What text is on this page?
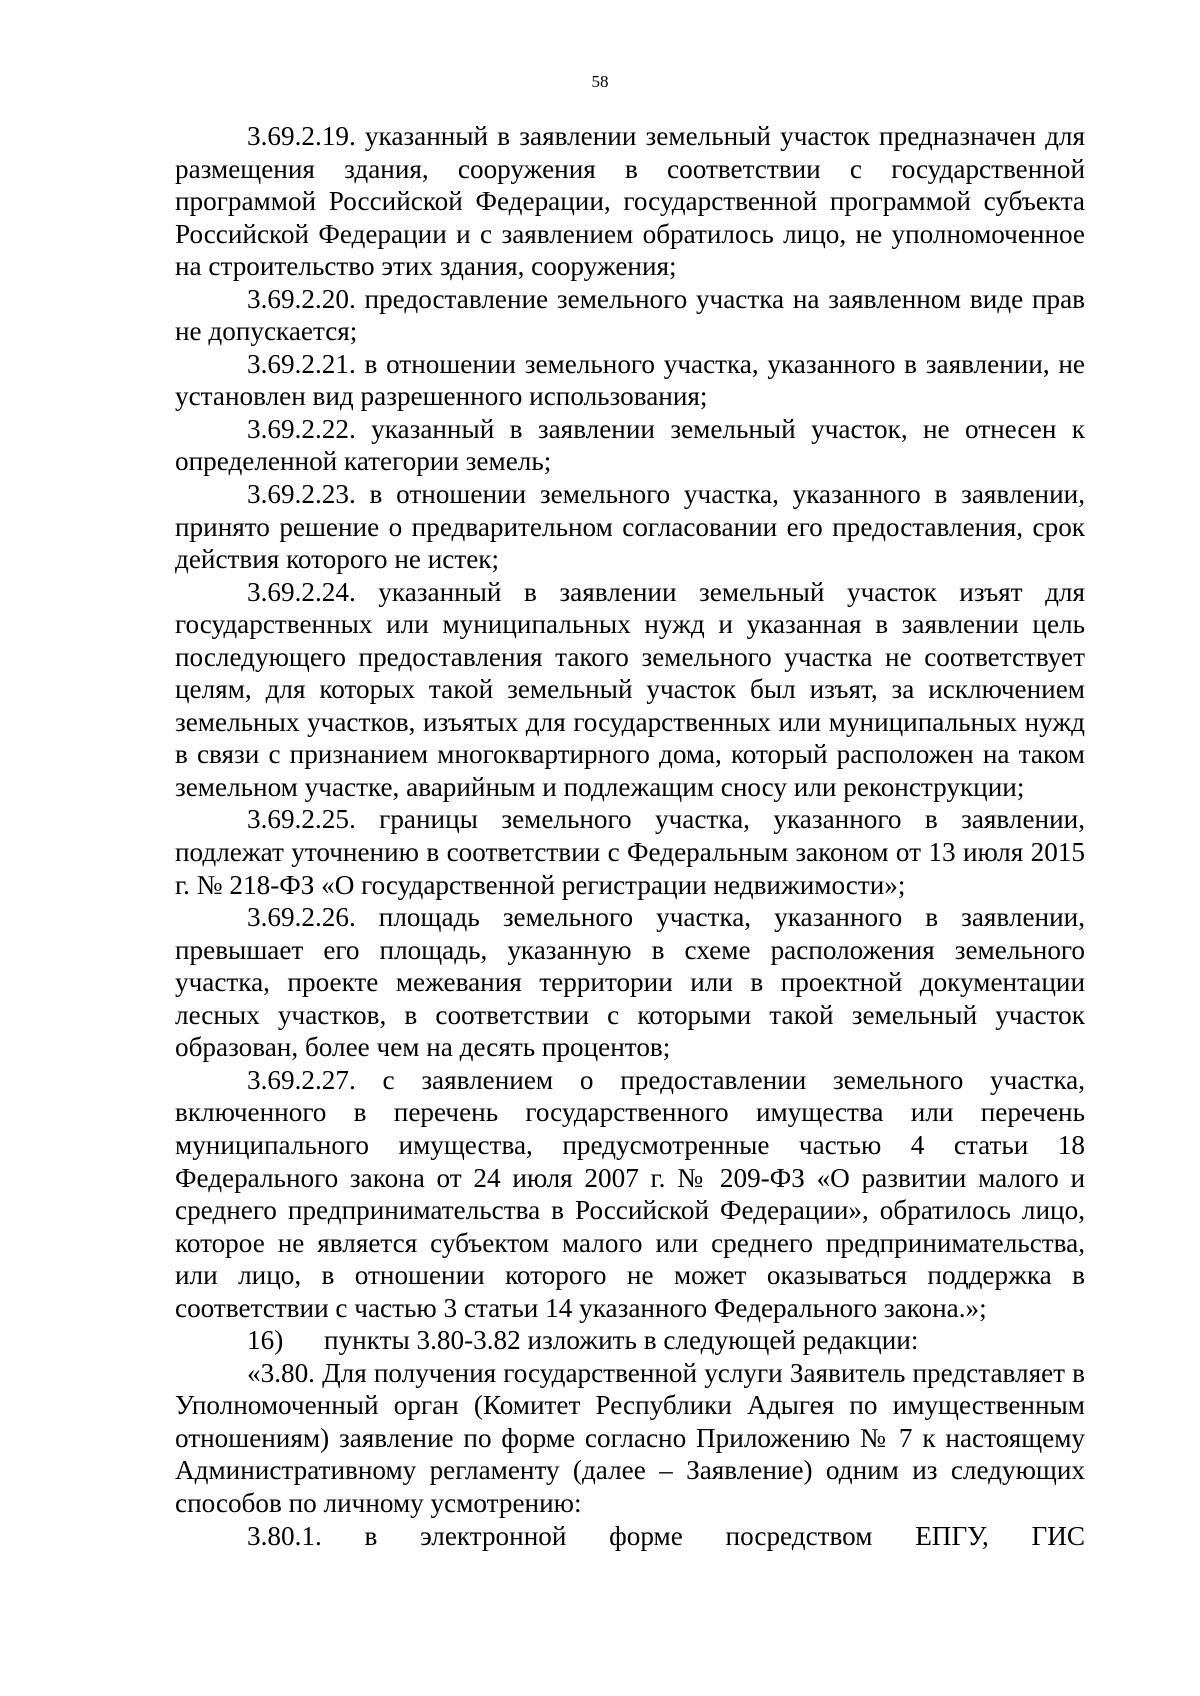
58

3.69.2.19. указанный в заявлении земельный участок предназначен для размещения здания, сооружения в соответствии с государственной программой Российской Федерации, государственной программой субъекта Российской Федерации и с заявлением обратилось лицо, не уполномоченное на строительство этих здания, сооружения;

3.69.2.20. предоставление земельного участка на заявленном виде прав не допускается;

3.69.2.21. в отношении земельного участка, указанного в заявлении, не установлен вид разрешенного использования;

3.69.2.22. указанный в заявлении земельный участок, не отнесен к определенной категории земель;

3.69.2.23. в отношении земельного участка, указанного в заявлении, принято решение о предварительном согласовании его предоставления, срок действия которого не истек;

3.69.2.24. указанный в заявлении земельный участок изъят для государственных или муниципальных нужд и указанная в заявлении цель последующего предоставления такого земельного участка не соответствует целям, для которых такой земельный участок был изъят, за исключением земельных участков, изъятых для государственных или муниципальных нужд в связи с признанием многоквартирного дома, который расположен на таком земельном участке, аварийным и подлежащим сносу или реконструкции;

3.69.2.25. границы земельного участка, указанного в заявлении, подлежат уточнению в соответствии с Федеральным законом от 13 июля 2015 г. № 218-ФЗ «О государственной регистрации недвижимости»;

3.69.2.26. площадь земельного участка, указанного в заявлении, превышает его площадь, указанную в схеме расположения земельного участка, проекте межевания территории или в проектной документации лесных участков, в соответствии с которыми такой земельный участок образован, более чем на десять процентов;

3.69.2.27. с заявлением о предоставлении земельного участка, включенного в перечень государственного имущества или перечень муниципального имущества, предусмотренные частью 4 статьи 18 Федерального закона от 24 июля 2007 г. № 209-ФЗ «О развитии малого и среднего предпринимательства в Российской Федерации», обратилось лицо, которое не является субъектом малого или среднего предпринимательства, или лицо, в отношении которого не может оказываться поддержка в соответствии с частью 3 статьи 14 указанного Федерального закона.»;

16)      пункты 3.80-3.82 изложить в следующей редакции:

«3.80. Для получения государственной услуги Заявитель представляет в Уполномоченный орган (Комитет Республики Адыгея по имущественным отношениям) заявление по форме согласно Приложению № 7 к настоящему Административному регламенту (далее – Заявление) одним из следующих способов по личному усмотрению:

3.80.1. в электронной форме посредством ЕПГУ, ГИС
